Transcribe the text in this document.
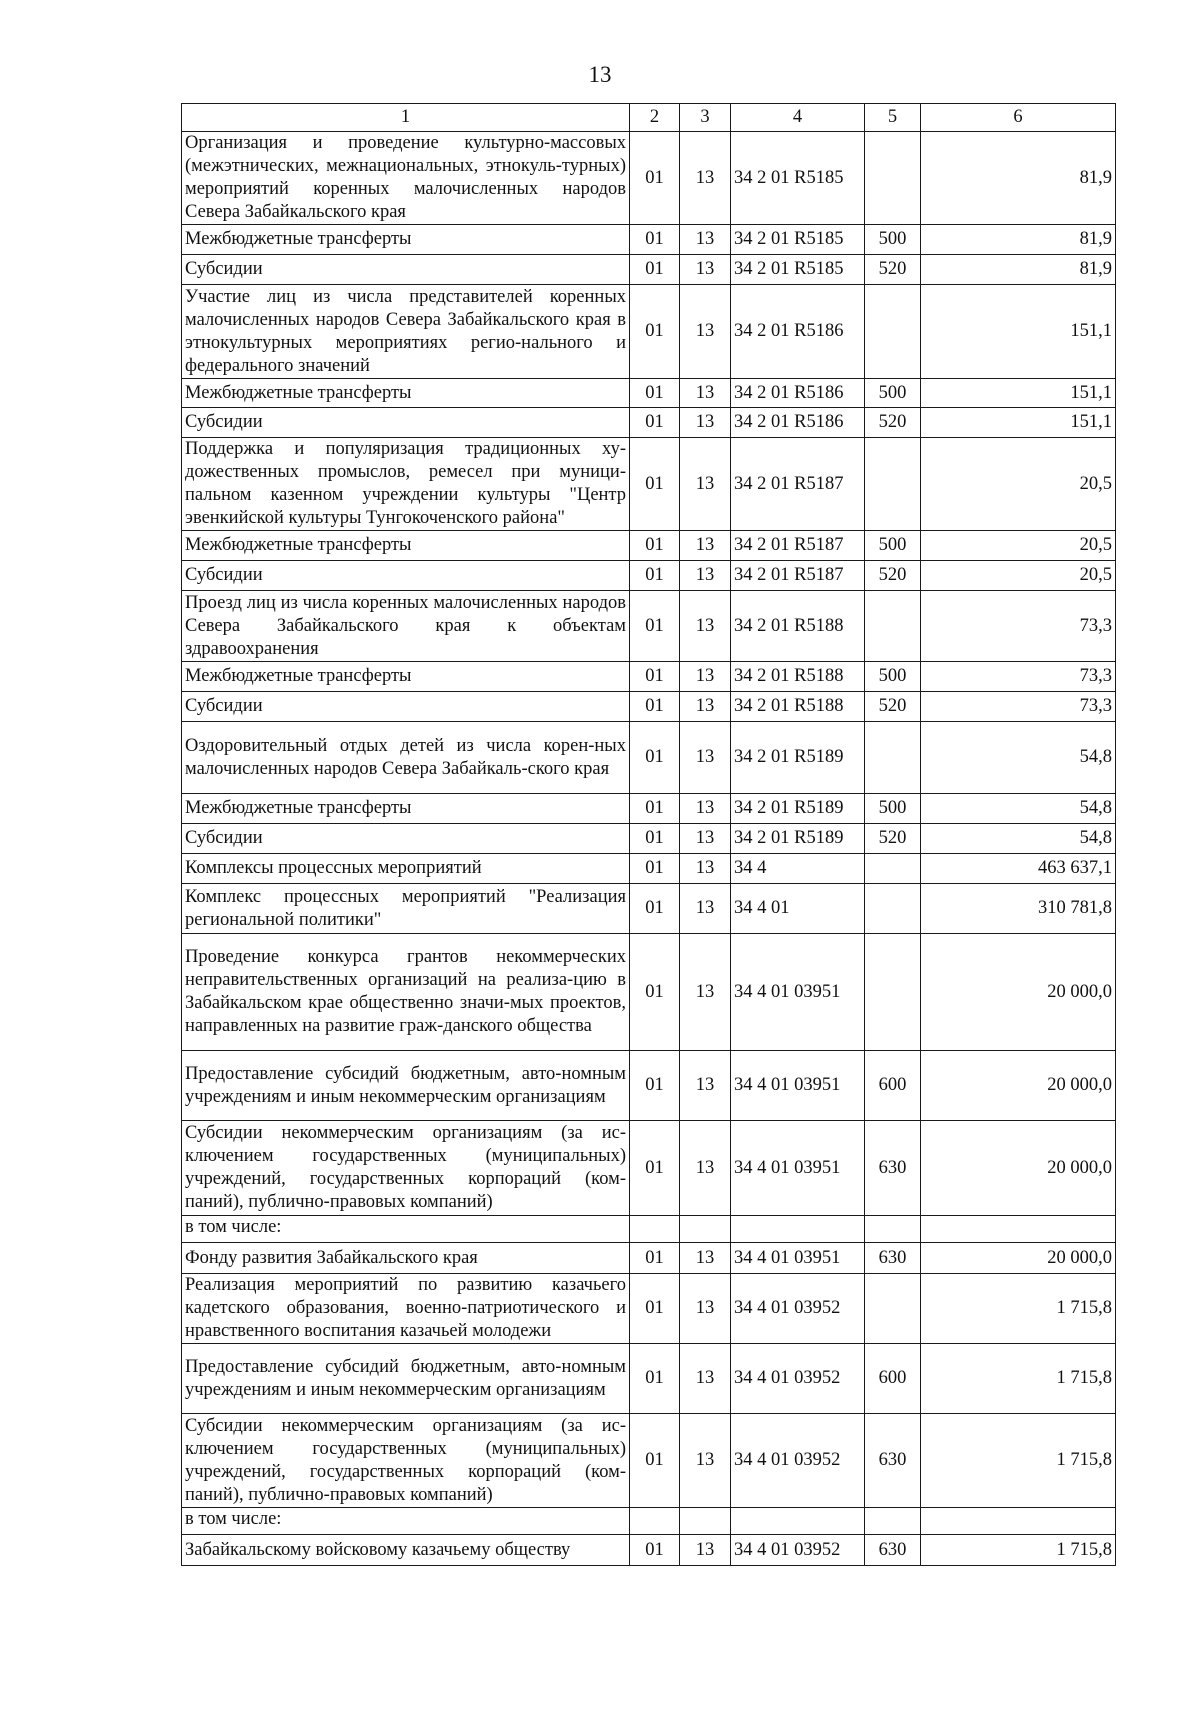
13
1	2	3	4	5	6
Организация и проведение культурно-массовых (межэтнических, межнациональных, этнокуль-турных) мероприятий коренных малочисленных народов Севера Забайкальского края	01	13	34 2 01 R5185		81,9
Межбюджетные трансферты	01	13	34 2 01 R5185	500	81,9
Субсидии	01	13	34 2 01 R5185	520	81,9
Участие лиц из числа представителей коренных малочисленных народов Севера Забайкальского края в этнокультурных мероприятиях регио-нального и федерального значений	01	13	34 2 01 R5186		151,1
Межбюджетные трансферты	01	13	34 2 01 R5186	500	151,1
Субсидии	01	13	34 2 01 R5186	520	151,1
Поддержка и популяризация традиционных ху-дожественных промыслов, ремесел при муници-пальном казенном учреждении культуры "Центр эвенкийской культуры Тунгокоченского района"	01	13	34 2 01 R5187		20,5
Межбюджетные трансферты	01	13	34 2 01 R5187	500	20,5
Субсидии	01	13	34 2 01 R5187	520	20,5
Проезд лиц из числа коренных малочисленных народов Севера Забайкальского края к объектам здравоохранения	01	13	34 2 01 R5188		73,3
Межбюджетные трансферты	01	13	34 2 01 R5188	500	73,3
Субсидии	01	13	34 2 01 R5188	520	73,3
Оздоровительный отдых детей из числа корен-ных малочисленных народов Севера Забайкаль-ского края	01	13	34 2 01 R5189		54,8
Межбюджетные трансферты	01	13	34 2 01 R5189	500	54,8
Субсидии	01	13	34 2 01 R5189	520	54,8
Комплексы процессных мероприятий	01	13	34 4		463 637,1
Комплекс процессных мероприятий "Реализация региональной политики"	01	13	34 4 01		310 781,8
Проведение конкурса грантов некоммерческих неправительственных организаций на реализа-цию в Забайкальском крае общественно значи-мых проектов, направленных на развитие граж-данского общества	01	13	34 4 01 03951		20 000,0
Предоставление субсидий бюджетным, авто-номным учреждениям и иным некоммерческим организациям	01	13	34 4 01 03951	600	20 000,0
Субсидии некоммерческим организациям (за ис-ключением государственных (муниципальных) учреждений, государственных корпораций (ком-паний), публично-правовых компаний)	01	13	34 4 01 03951	630	20 000,0
в том числе:					
Фонду развития Забайкальского края	01	13	34 4 01 03951	630	20 000,0
Реализация мероприятий по развитию казачьего кадетского образования, военно-патриотического и нравственного воспитания казачьей молодежи	01	13	34 4 01 03952		1 715,8
Предоставление субсидий бюджетным, авто-номным учреждениям и иным некоммерческим организациям	01	13	34 4 01 03952	600	1 715,8
Субсидии некоммерческим организациям (за ис-ключением государственных (муниципальных) учреждений, государственных корпораций (ком-паний), публично-правовых компаний)	01	13	34 4 01 03952	630	1 715,8
в том числе:					
Забайкальскому войсковому казачьему обществу	01	13	34 4 01 03952	630	1 715,8
